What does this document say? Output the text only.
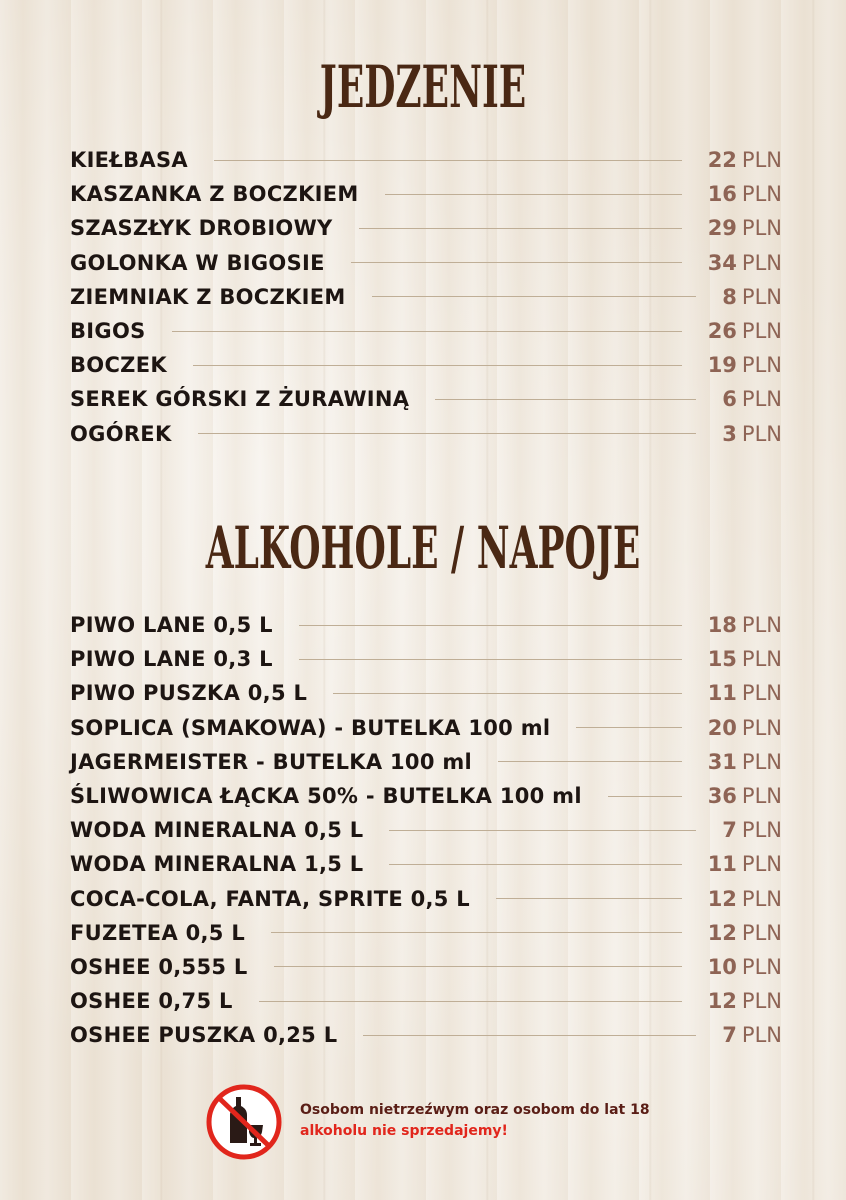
JEDZENIE
KIEŁBASA	22 PLN
KASZANKA Z BOCZKIEM	16 PLN
SZASZŁYK DROBIOWY	29 PLN
GOLONKA W BIGOSIE	34 PLN
ZIEMNIAK Z BOCZKIEM	8 PLN
BIGOS	26 PLN
BOCZEK	19 PLN
SEREK GÓRSKI Z ŻURAWINĄ	6 PLN
OGÓREK	3 PLN
ALKOHOLE / NAPOJE
PIWO LANE 0,5 L	18 PLN
PIWO LANE 0,3 L	15 PLN
PIWO PUSZKA 0,5 L	11 PLN
SOPLICA (SMAKOWA) - BUTELKA 100 ml	20 PLN
JAGERMEISTER - BUTELKA 100 ml	31 PLN
ŚLIWOWICA ŁĄCKA 50% - BUTELKA 100 ml	36 PLN
WODA MINERALNA 0,5 L	7 PLN
WODA MINERALNA 1,5 L	11 PLN
COCA-COLA, FANTA, SPRITE 0,5 L	12 PLN
FUZETEA 0,5 L	12 PLN
OSHEE 0,555 L	10 PLN
OSHEE 0,75 L	12 PLN
OSHEE PUSZKA 0,25 L	7 PLN
Osobom nietrzeźwym oraz osobom do lat 18
alkoholu nie sprzedajemy!
